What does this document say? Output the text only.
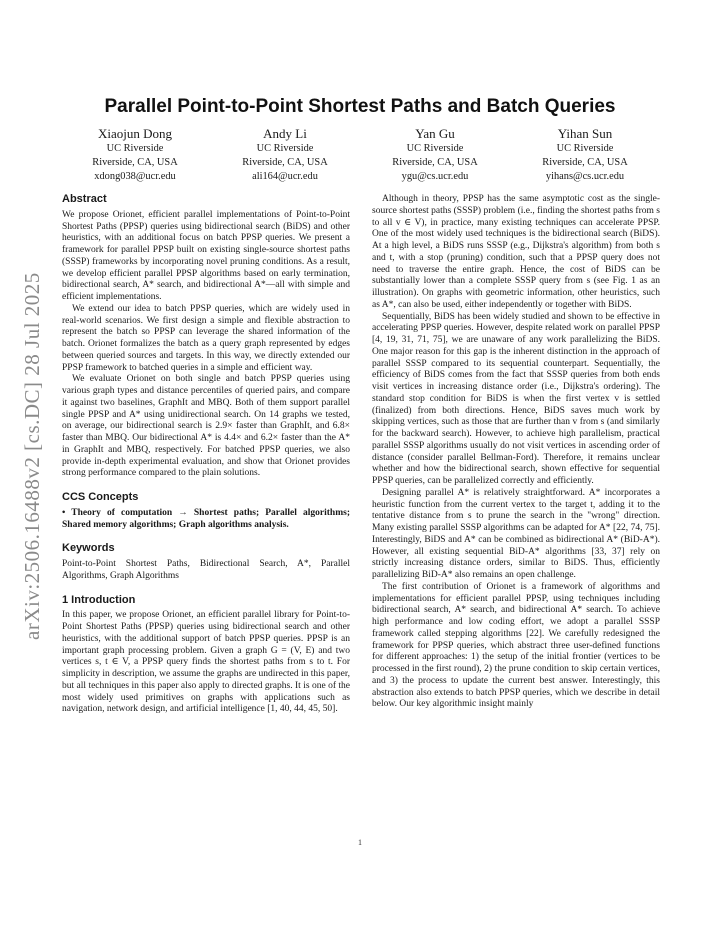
arXiv:2506.16488v2 [cs.DC] 28 Jul 2025
Parallel Point-to-Point Shortest Paths and Batch Queries
Xiaojun Dong
UC Riverside
Riverside, CA, USA
xdong038@ucr.edu
Andy Li
UC Riverside
Riverside, CA, USA
ali164@ucr.edu
Yan Gu
UC Riverside
Riverside, CA, USA
ygu@cs.ucr.edu
Yihan Sun
UC Riverside
Riverside, CA, USA
yihans@cs.ucr.edu
Abstract

We propose Orionet, efficient parallel implementations of Point-to-Point Shortest Paths (PPSP) queries using bidirectional search (BiDS) and other heuristics, with an additional focus on batch PPSP queries. We present a framework for parallel PPSP built on existing single-source shortest paths (SSSP) frameworks by incorporating novel pruning conditions. As a result, we develop efficient parallel PPSP algorithms based on early termination, bidirectional search, A* search, and bidirectional A*—all with simple and efficient implementations.

We extend our idea to batch PPSP queries, which are widely used in real-world scenarios. We first design a simple and flexible abstraction to represent the batch so PPSP can leverage the shared information of the batch. Orionet formalizes the batch as a query graph represented by edges between queried sources and targets. In this way, we directly extended our PPSP framework to batched queries in a simple and efficient way.

We evaluate Orionet on both single and batch PPSP queries using various graph types and distance percentiles of queried pairs, and compare it against two baselines, GraphIt and MBQ. Both of them support parallel single PPSP and A* using unidirectional search. On 14 graphs we tested, on average, our bidirectional search is 2.9× faster than GraphIt, and 6.8× faster than MBQ. Our bidirectional A* is 4.4× and 6.2× faster than the A* in GraphIt and MBQ, respectively. For batched PPSP queries, we also provide in-depth experimental evaluation, and show that Orionet provides strong performance compared to the plain solutions.

CCS Concepts
• Theory of computation → Shortest paths; Parallel algorithms; Shared memory algorithms; Graph algorithms analysis.
Keywords
Point-to-Point Shortest Paths, Bidirectional Search, A*, Parallel Algorithms, Graph Algorithms
1 Introduction

In this paper, we propose Orionet, an efficient parallel library for Point-to-Point Shortest Paths (PPSP) queries using bidirectional search and other heuristics, with the additional support of batch PPSP queries. PPSP is an important graph processing problem. Given a graph G = (V, E) and two vertices s, t ∈ V, a PPSP query finds the shortest paths from s to t. For simplicity in description, we assume the graphs are undirected in this paper, but all techniques in this paper also apply to directed graphs. It is one of the most widely used primitives on graphs with applications such as navigation, network design, and artificial intelligence [1, 40, 44, 45, 50].

Although in theory, PPSP has the same asymptotic cost as the single-source shortest paths (SSSP) problem (i.e., finding the shortest paths from s to all v ∈ V), in practice, many existing techniques can accelerate PPSP. One of the most widely used techniques is the bidirectional search (BiDS). At a high level, a BiDS runs SSSP (e.g., Dijkstra's algorithm) from both s and t, with a stop (pruning) condition, such that a PPSP query does not need to traverse the entire graph. Hence, the cost of BiDS can be substantially lower than a complete SSSP query from s (see Fig. 1 as an illustration). On graphs with geometric information, other heuristics, such as A*, can also be used, either independently or together with BiDS.

Sequentially, BiDS has been widely studied and shown to be effective in accelerating PPSP queries. However, despite related work on parallel PPSP [4, 19, 31, 71, 75], we are unaware of any work parallelizing the BiDS. One major reason for this gap is the inherent distinction in the approach of parallel SSSP compared to its sequential counterpart. Sequentially, the efficiency of BiDS comes from the fact that SSSP queries from both ends visit vertices in increasing distance order (i.e., Dijkstra's ordering). The standard stop condition for BiDS is when the first vertex v is settled (finalized) from both directions. Hence, BiDS saves much work by skipping vertices, such as those that are further than v from s (and similarly for the backward search). However, to achieve high parallelism, practical parallel SSSP algorithms usually do not visit vertices in ascending order of distance (consider parallel Bellman-Ford). Therefore, it remains unclear whether and how the bidirectional search, shown effective for sequential PPSP queries, can be parallelized correctly and efficiently.

Designing parallel A* is relatively straightforward. A* incorporates a heuristic function from the current vertex to the target t, adding it to the tentative distance from s to prune the search in the "wrong" direction. Many existing parallel SSSP algorithms can be adapted for A* [22, 74, 75]. Interestingly, BiDS and A* can be combined as bidirectional A* (BiD-A*). However, all existing sequential BiD-A* algorithms [33, 37] rely on strictly increasing distance orders, similar to BiDS. Thus, efficiently parallelizing BiD-A* also remains an open challenge.

The first contribution of Orionet is a framework of algorithms and implementations for efficient parallel PPSP, using techniques including bidirectional search, A* search, and bidirectional A* search. To achieve high performance and low coding effort, we adopt a parallel SSSP framework called stepping algorithms [22]. We carefully redesigned the framework for PPSP queries, which abstract three user-defined functions for different approaches: 1) the setup of the initial frontier (vertices to be processed in the first round), 2) the prune condition to skip certain vertices, and 3) the process to update the current best answer. Interestingly, this abstraction also extends to batch PPSP queries, which we describe in detail below. Our key algorithmic insight mainly

1
